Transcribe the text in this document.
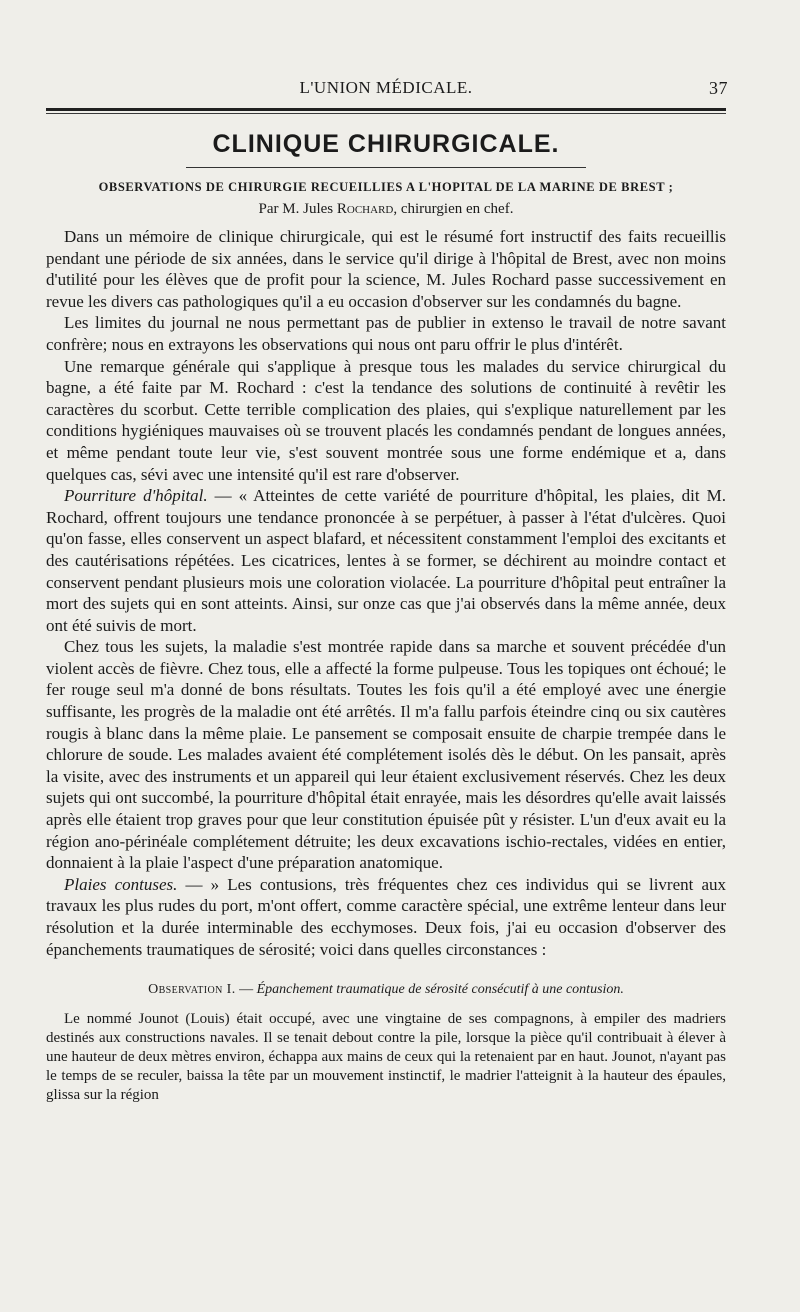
L'UNION MÉDICALE.	37
CLINIQUE CHIRURGICALE.
OBSERVATIONS DE CHIRURGIE RECUEILLIES A L'HOPITAL DE LA MARINE DE BREST ;
Par M. Jules Rochard, chirurgien en chef.

Dans un mémoire de clinique chirurgicale, qui est le résumé fort instructif des faits recueillis pendant une période de six années, dans le service qu'il dirige à l'hôpital de Brest, avec non moins d'utilité pour les élèves que de profit pour la science, M. Jules Rochard passe successivement en revue les divers cas pathologiques qu'il a eu occasion d'observer sur les condamnés du bagne.

Les limites du journal ne nous permettant pas de publier in extenso le travail de notre savant confrère; nous en extrayons les observations qui nous ont paru offrir le plus d'intérêt.

Une remarque générale qui s'applique à presque tous les malades du service chirurgical du bagne, a été faite par M. Rochard : c'est la tendance des solutions de continuité à revêtir les caractères du scorbut. Cette terrible complication des plaies, qui s'explique naturellement par les conditions hygiéniques mauvaises où se trouvent placés les condamnés pendant de longues années, et même pendant toute leur vie, s'est souvent montrée sous une forme endémique et a, dans quelques cas, sévi avec une intensité qu'il est rare d'observer.

Pourriture d'hôpital. — « Atteintes de cette variété de pourriture d'hôpital, les plaies, dit M. Rochard, offrent toujours une tendance prononcée à se perpétuer, à passer à l'état d'ulcères. Quoi qu'on fasse, elles conservent un aspect blafard, et nécessitent constamment l'emploi des excitants et des cautérisations répétées. Les cicatrices, lentes à se former, se déchirent au moindre contact et conservent pendant plusieurs mois une coloration violacée. La pourriture d'hôpital peut entraîner la mort des sujets qui en sont atteints. Ainsi, sur onze cas que j'ai observés dans la même année, deux ont été suivis de mort.

Chez tous les sujets, la maladie s'est montrée rapide dans sa marche et souvent précédée d'un violent accès de fièvre. Chez tous, elle a affecté la forme pulpeuse. Tous les topiques ont échoué; le fer rouge seul m'a donné de bons résultats. Toutes les fois qu'il a été employé avec une énergie suffisante, les progrès de la maladie ont été arrêtés. Il m'a fallu parfois éteindre cinq ou six cautères rougis à blanc dans la même plaie. Le pansement se composait ensuite de charpie trempée dans le chlorure de soude. Les malades avaient été complétement isolés dès le début. On les pansait, après la visite, avec des instruments et un appareil qui leur étaient exclusivement réservés. Chez les deux sujets qui ont succombé, la pourriture d'hôpital était enrayée, mais les désordres qu'elle avait laissés après elle étaient trop graves pour que leur constitution épuisée pût y résister. L'un d'eux avait eu la région ano-périnéale complétement détruite; les deux excavations ischio-rectales, vidées en entier, donnaient à la plaie l'aspect d'une préparation anatomique.

Plaies contuses. — » Les contusions, très fréquentes chez ces individus qui se livrent aux travaux les plus rudes du port, m'ont offert, comme caractère spécial, une extrême lenteur dans leur résolution et la durée interminable des ecchymoses. Deux fois, j'ai eu occasion d'observer des épanchements traumatiques de sérosité; voici dans quelles circonstances :

Observation I. — Épanchement traumatique de sérosité consécutif à une contusion.

Le nommé Jounot (Louis) était occupé, avec une vingtaine de ses compagnons, à empiler des madriers destinés aux constructions navales. Il se tenait debout contre la pile, lorsque la pièce qu'il contribuait à élever à une hauteur de deux mètres environ, échappa aux mains de ceux qui la retenaient par en haut. Jounot, n'ayant pas le temps de se reculer, baissa la tête par un mouvement instinctif, le madrier l'atteignit à la hauteur des épaules, glissa sur la région
